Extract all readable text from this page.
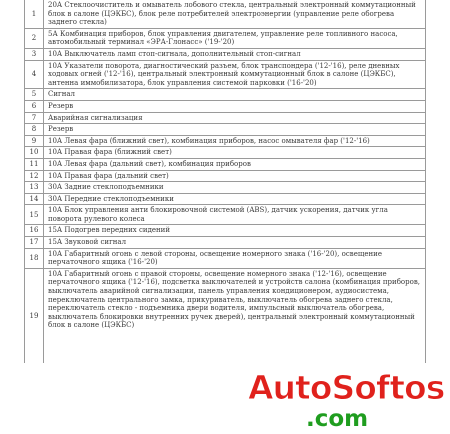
1	20А Стеклоочиститель и омыватель лобового стекла, центральный электронный коммутационный блок в салоне (ЦЭКБС), блок реле потребителей электроэнергии (управление реле обогрева заднего стекла)
2	5А Комбинация приборов, блок управления двигателем, управление реле топливного насоса, автомобильный терминал «ЭРА-Глонасс» ('19-'20)
3	10А Выключатель ламп стоп-сигнала, дополнительный стоп-сигнал
4	10А Указатели поворота, диагностический разъем, блок транспондера ('12-'16), реле дневных ходовых огней ('12-'16), центральный электронный коммутационный блок в салоне (ЦЭКБС), антенна иммобилизатора, блок управления системой парковки ('16-'20)
5	Сигнал
6	Резерв
7	Аварийная сигнализация
8	Резерв
9	10А Левая фара (ближний свет), комбинация приборов, насос омывателя фар ('12-'16)
10	10А Правая фара (ближний свет)
11	10А Левая фара (дальний свет), комбинация приборов
12	10А Правая фара (дальний свет)
13	30А Задние стеклоподъемники
14	30А Передние стеклоподъемники
15	10А Блок управления анти блокировочной системой (ABS), датчик ускорения, датчик угла поворота рулевого колеса
16	15А Подогрев передних сидений
17	15А Звуковой сигнал
18	10А Габаритный огонь с левой стороны, освещение номерного знака ('16-'20), освещение перчаточного ящика ('16-'20)
19	10А Габаритный огонь с правой стороны, освещение номерного знака ('12-'16), освещение перчаточного ящика ('12-'16), подсветка выключателей и устройств салона (комбинация приборов, выключатель аварийной сигнализации, панель управления кондиционером, аудиосистема, переключатель центрального замка, прикуриватель, выключатель обогрева заднего стекла, переключатель стекло - подъемника двери водителя, импульсный выключатель обогрева, выключатель блокировки внутренних ручек дверей), центральный электронный коммутационный блок в салоне (ЦЭКБС)
AutoSoftos
.com
